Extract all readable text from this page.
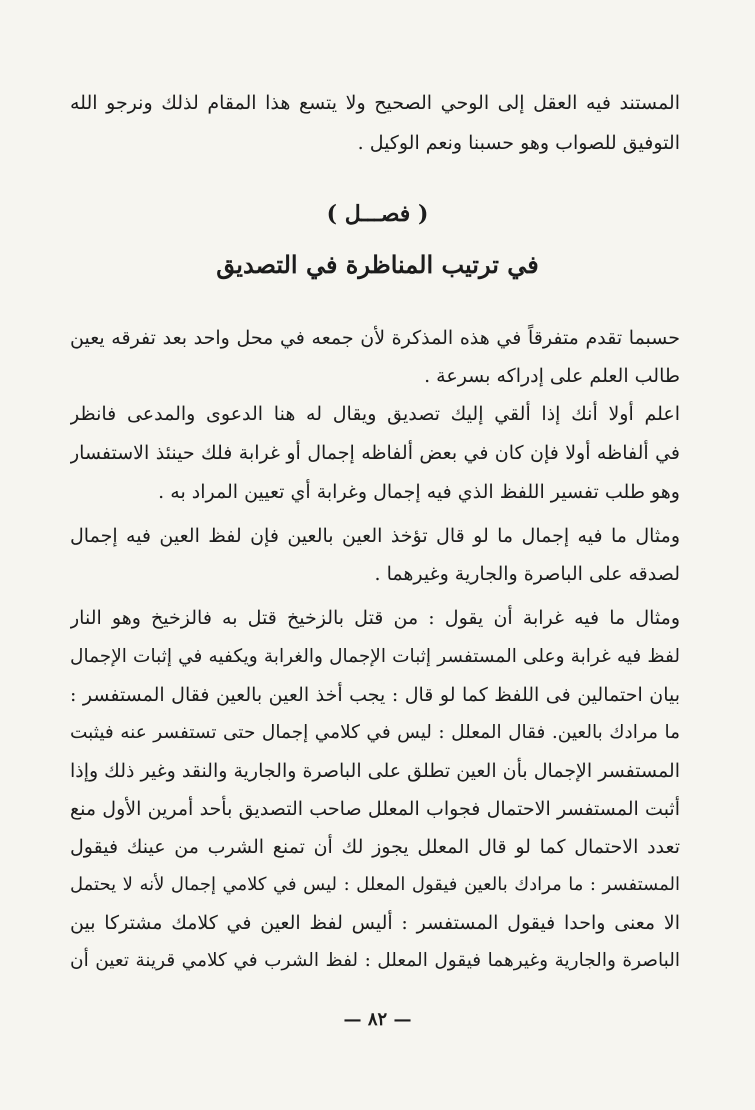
المستند فيه العقل إلى الوحي الصحيح ولا يتسع هذا المقام لذلك ونرجو الله
التوفيق للصواب وهو حسبنا ونعم الوكيل .
( فصـــل )
في ترتيب المناظرة في التصديق
حسبما تقدم متفرقاً في هذه المذكرة لأن جمعه في محل واحد بعد تفرقه يعين
طالب العلم على إدراكه بسرعة .
اعلم أولا أنك إذا ألقي إليك تصديق ويقال له هنا الدعوى والمدعى فانظر
في ألفاظه أولا فإن كان في بعض ألفاظه إجمال أو غرابة فلك حينئذ الاستفسار
وهو طلب تفسير اللفظ الذي فيه إجمال وغرابة أي تعيين المراد به .
ومثال ما فيه إجمال ما لو قال تؤخذ العين بالعين فإن لفظ العين فيه إجمال
لصدقه على الباصرة والجارية وغيرهما .
ومثال ما فيه غرابة أن يقول : من قتل بالزخيخ قتل به فالزخيخ وهو النار
لفظ فيه غرابة وعلى المستفسر إثبات الإجمال والغرابة ويكفيه في إثبات الإجمال
بيان احتمالين فى اللفظ كما لو قال : يجب أخذ العين بالعين فقال المستفسر :
ما مرادك بالعين. فقال المعلل : ليس في كلامي إجمال حتى تستفسر عنه فيثبت
المستفسر الإجمال بأن العين تطلق على الباصرة والجارية والنقد وغير ذلك وإذا
أثبت المستفسر الاحتمال فجواب المعلل صاحب التصديق بأحد أمرين الأول منع
تعدد الاحتمال كما لو قال المعلل يجوز لك أن تمنع الشرب من عينك فيقول
المستفسر : ما مرادك بالعين فيقول المعلل : ليس في كلامي إجمال لأنه لا يحتمل
الا معنى واحدا فيقول المستفسر : أليس لفظ العين في كلامك مشتركا بين
الباصرة والجارية وغيرهما فيقول المعلل : لفظ الشرب في كلامي قرينة تعين أن
— ٨٢ —
